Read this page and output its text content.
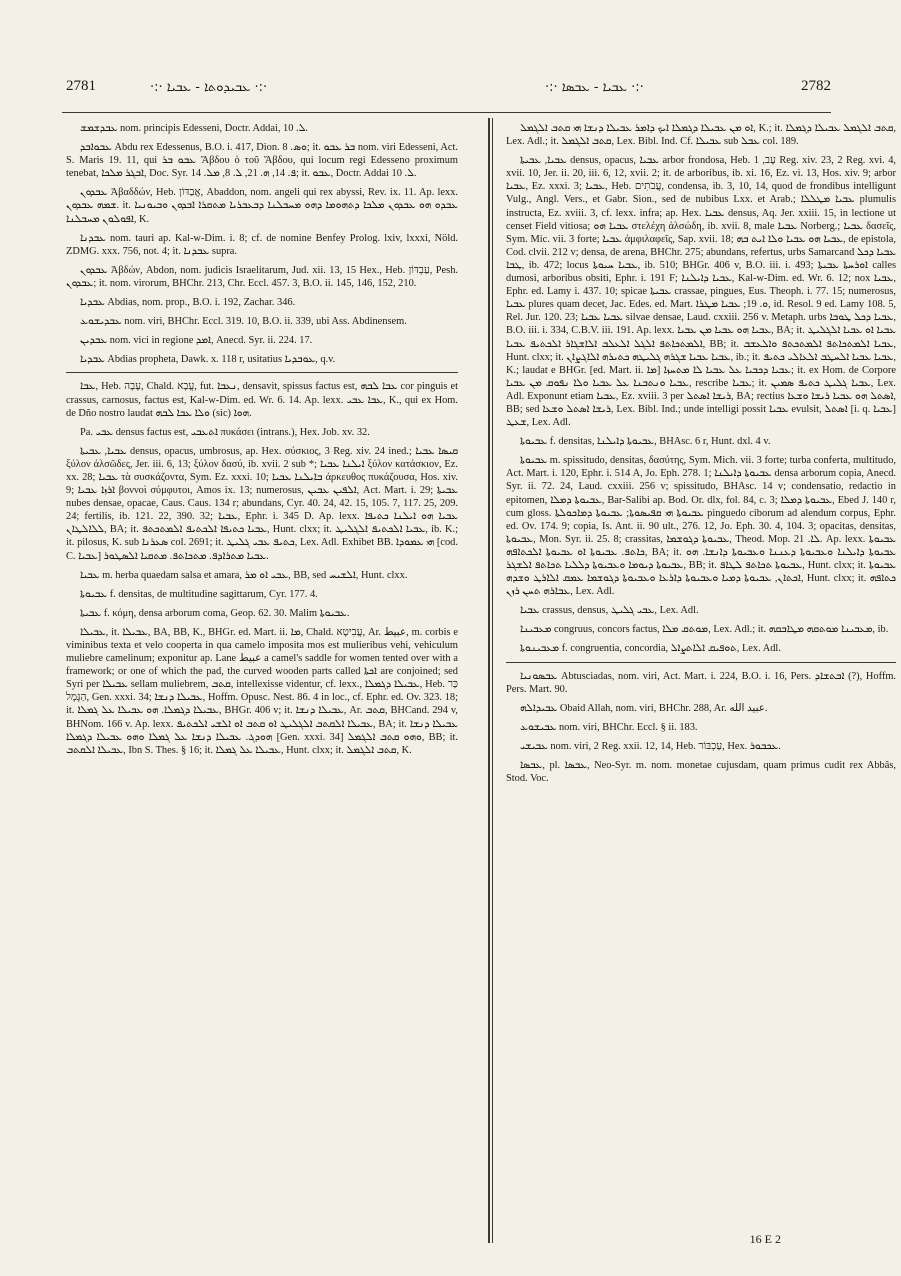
2781	·:· ܥܒܝܕܘܬܐ - ܥܒܝܐ ·:·	·:· ܥܒܝܐ - ܥܒܣܐ ·:·	2782

ܥܒܕܫܡܫ nom. principis Edesseni, Doctr. Addai, ܠ. 10.

ܥܒܘܐܒܕ Abdu rex Edessenus, B.O. i. 417, Dion. ܘܣ. 8; it. ܒܪ ܥܒܘ nom. viri Edesseni, Act. S. Maris 19. 11, qui ܥܒܘ ܒܪ Ἄβδου ὁ τοῦ Ἄβδου, qui locum regi Edesseno proximum tenebat, ܐܒܓܪ ܡܠܟܐ, Doc. Syr. ܦ. 14, ܗ. 21, ܠ. 8, ܡܠ. 14; it. ܥܒܘ, Doctr. Addai ܠ. 10.

ܥܒܕܘܢ Ἀβαδδών, Heb. אֲבַדּוֹן, Abaddon, nom. angeli qui rex abyssi, Rev. ix. 11. Ap. lexx. ܫܡܗ ܥܒܕܘܢ. it. ܥܒܕܘ ܗܘ ܥܒܕܘܢ ܡܠܟܐ ܕܬܗܘܡܐ ܕܗܘ ܡܚܒܠܢܐ ܕܒܥܒܪܝܐ ܡܬܩܪܐ ܐܒܕܘܢ ܘܒܝܘܢܝܐ ܐܦܘܠܘܢ ܡܚܒܠܢܐ, K.

ܥܒܕܢܐ nom. tauri ap. Kal-w-Dim. i. 8; cf. de nomine Benfey Prolog. lxiv, lxxxi, Nöld. ZDMG. xxx. 756, not. 4; it. ܥܒܕܢܐ supra.

ܥܒܕܘܢ Ἀβδών, Abdon, nom. judicis Israelitarum, Jud. xii. 13, 15 Hex., Heb. עַבְדּוֹן, Pesh. ܥܒܕܘܢ; it. nom. virorum, BHChr. 213, Chr. Eccl. 457. 3, B.O. ii. 145, 146, 152, 210.

ܥܒܕܝܐ Abdias, nom. prop., B.O. i. 192, Zachar. 346.

ܥܒܕܝܫܘܥ nom. viri, BHChr. Eccl. 319. 10, B.O. ii. 339, ubi Ass. Abdinensem.

ܥܒܕܝܢ nom. vici in regione ܐܡܕ, Anecd. Syr. ii. 224. 17.

ܥܒܕܝܐ Abdias propheta, Dawk. x. 118 r, usitatius ܥܘܒܕܝܐ, q.v.

ܥܒܐ, Heb. עָבָה, Chald. עֲבָא, fut. ܢܥܒܐ, densavit, spissus factus est, ܥܒܐ ܠܒܗ cor pinguis et crassus, carnosus, factus est, Kal-w-Dim. ed. Wr. 6. 14. Ap. lexx. ܥܒܐ ܥܒܝ, K., qui ex Hom. de Dño nostro laudat ܘܠܐ ܥܒܐ ܠܒܗ (sic) ܗܘܐ.

Pa. ܥܒܝ densus factus est, ܐܬܥܒܝ πυκάσει (intrans.), Hex. Job. xv. 32.

ܥܒܝܐ, ܥܒܝܬܐ densus, opacus, umbrosus, ap. Hex. σύσκιος, 3 Reg. xiv. 24 ined.; ܩܝܣܐ ܥܒܝܐ ξύλον ἀλσῶδες, Jer. iii. 6, 13; ξύλον δασύ, ib. xvii. 2 sub *; ܐܝܠܢܐ ܥܒܝܐ ξύλον κατάσκιον, Ez. xx. 28; ܥܒܝܐ τὰ συσκάζοντα, Sym. Ez. xxxi. 10; ܒܐܝܠܢܐ ܥܒܝܐ ἀρκευθος πυκάζουσα, Hos. xiv. 9; ܐܪܙܐ ܥܒܝܐ βοννοὶ σύμφυτοι, Amos ix. 13; numerosus, ܐܠܦܝܢ ܥܒܝܢ, Act. Mart. i. 29; ܥܒܝܬܐ nubes densae, opacae, Caus. Caus. 134 r; abundans, Cyr. 40. 24, 42. 15, 105. 7, 117. 25, 209. 24; fertilis, ib. 121. 22, 390. 32; ܥܒܝܐ, Ephr. i. 345 D. Ap. lexx. ܥܒܝܐ ܗܘ ܐܝܠܢܐ ܟܬܝܦܐ ܠܠܐܠܛܐܢ, BA; it. ܥܒܝܐ ܟܬܝܦܐ ܐܠܟܬܝܦ ܐܠܡܬܟܬܦ, Hunt. clxx; it. ܥܒܝܐ ܐܠܟܬܝܦ ܐܠܓܠܝܛ, ib. K.; it. pilosus, K. sub ܣܥܪܢܐ col. 2691; it. ܟܬܝܦ ܥܒܝ ܓܠܝܛ, Lex. Adl. Exhibet BB. ܗܝ ܥܡܘܕܐ [cod. C. ܥܒܝܐ] ܥܒܝܐ ܡܬܪܐܕܦ. ܡܬܟܐܬܦ. ܡܬܩܝܐ ܐܠܣܛܘܪ.

ܥܒܝܐ m. herba quaedam salsa et amara, ܥܒܝ ܐܘ ܡܪ, BB, sed ܐܠܫܝܚ, Hunt. clxx.

ܥܒܝܘܬܐ f. densitas, de multitudine sagittarum, Cyr. 177. 4.

ܥܒܝܬܐ f. κόμη, densa arborum coma, Geop. 62. 30. Malim ܥܒܝܘܬܐ.

ܥܒܝܠܐ, it. ܥܒܝܠܐ, BA, BB, K., BHGr. ed. Mart. ii. ܡܐ, Chald. עֲבִיטָא, Ar. عبيط, m. corbis e viminibus texta et velo cooperta in qua camelo imposita mos est mulieribus vehi, vehiculum muliebre camelinum; exponitur ap. Lane عبيط a camel's saddle for women tented over with a framework; or one of which the pad, the curved wooden parts called ܐܟܬܐ are conjoined; sed Syri per ܥܒܝܠܐ sellam muliebrem, ܩܬܒ, intellexisse videntur, cf. lexx., ܥܒܝܠܐ ܕܓܡܠܐ, Heb. כַּר הַגָּמָל, Gen. xxxi. 34; ܥܒܝܠܐ ܕܢܫܐ, Hoffm. Opusc. Nest. 86. 4 in loc., cf. Ephr. ed. Ov. 323. 18; it. ܥܒܝܠܐ ܕܓܡܠܐ. ܗܘ ܥܒܝܠܐ ܥܠ ܓܡܠܐ, BHGr. 406 v; it. ܥܒܝܠܐ ܕܢܫܐ, Ar. ܩܬܒ, BHCand. 294 v, BHNom. 166 v. Ap. lexx. ܥܒܝܠܐ ܐܠܩܬܒ ܐܠܓܠܝܛ ܐܘ ܩܬܒ ܐܘ ܐܠܫܝ ܐܠܟܬܝܦ, BA; it. ܥܒܝܠܐ ܕܢܫܐ ܗܘܕܓ. ܥܒܝܠܐ ܕܢܫܐ ܥܠ ܓܡܠܐ ܘܗܘ ܥܒܝܠܐ ܕܓܡܠܐ [Gen. xxxi. 34] ܘܗܘ ܩܬܒ ܐܠܓܡܠ, BB; it. ܥܒܝܠܐ ܐܠܩܬܒ, Ibn S. Thes. § 16; it. ܥܒܝܠܐ ܥܠ ܓܡܠܐ, Hunt. clxx; it. ܩܬܒ ܐܠܓܡܠ, K.

ܐܘ ܡܢ ܥܒܝܠܐ ܕܓܡܠܐ ܐܝܟ ܕܐܡܪ ܥܒܝܠܐ ܕܢܫܐ ܗܝ ܩܬܒ ܐܠܓܡܠ, K.; it. ܩܬܒ ܐܠܓܡܠ ܥܒܝܠܐ ܕܓܡܠܐ, Lex. Adl.; it. ܩܬܒ ܐܠܓܡܠ, Lex. Bibl. Ind. Cf. ܥܒܝܠܐ sub ܥܒܠ col. 189.

ܥܒܝܐ, ܥܒܝܬܐ densus, opacus, ܥܒܝܐ arbor frondosa, Heb. עָב, 1 Reg. xiv. 23, 2 Reg. xvi. 4, xvii. 10, Jer. ii. 20, iii. 6, 12, xvii. 2; it. de arboribus, ib. xi. 16, Ez. vi. 13, Hos. xiv. 9; arbor ܥܒܝܐ, Ez. xxxi. 3; ܥܒܝܐ, Heb. עֲבֹתִים, condensa, ib. 3, 10, 14, quod de frondibus intelligunt Vulg., Angl. Vers., et Gabr. Sion., sed de nubibus Lxx. et Arab.; ܥܒܝܐ ܡܛܠܠܐ plumulis instructa, Ez. xviii. 3, cf. lexx. infra; ap. Hex. ܥܒܝܐ densus, Aq. Jer. xxiii. 15, in lectione ut censet Field vitiosa; ܥܒܝܐ ܗܘ στελέχη ἀλσώδη, ib. xvii. 8, male ܥܒܝܐ Norberg.; ܥܒܝܐ δασεῖς, Sym. Mic. vii. 3 forte; ܥܒܝܐ ἀμφιλαφεῖς, Sap. xvii. 18; ܥܒܝܐ ܗܘ ܥܒܝܐ ܘܠܐ ܐܝܬ ܒܗ, de epistola, Cod. clvii. 212 v; densa, de arena, BHChr. 275; abundans, refertus, urbs Samarcand ܥܒܝܐ ܕܟܠ ܛܒܐ, ib. 472; locus ܥܒܝܐ ܚܝܘܬܐ, ib. 510; BHGr. 406 v, B.O. iii. i. 493; ܐܘܪܚܬܐ ܥܒܝܬܐ calles dumosi, arboribus obsiti, Ephr. i. 191 F; ܥܒܝܐ ܕܐܝܠܢܐ, Kal-w-Dim. ed. Wr. 6. 12; nox ܥܒܝܐ, Ephr. ed. Lamy i. 437. 10; spicae ܥܒܝܬܐ crassae, pingues, Eus. Theoph. i. 77. 15; numerosus, ܥܒܝܐ plures quam decet, Jac. Edes. ed. Mart. ܘ. 19; ܥܒܝܐ ܡܛܪܐ, id. Resol. 9 ed. Lamy 108. 5, Rel. Jur. 120. 23; ܥܒܝܐ ܥܒܝܐ silvae densae, Laud. cxxiii. 256 v. Metaph. urbs ܥܒܝܐ ܕܟܠ ܛܘܒܐ, B.O. iii. i. 334, C.B.V. iii. 191. Ap. lexx. ܥܒܝܐ ܗܘ ܥܒܝܐ ܡܢ ܥܒܝܐ, BA; it. ܥܒܝܐ ܐܘ ܥܒܝܐ ܐܠܓܠܝܛ ܐܠܡܬܟܐܬܦ ܐܠܓܠ ܐܠܥܠܒ ܐܠܐܫܓܐܪ ܐܠܟܬܝܦ ܥܒܝܐ, BB; it. ܥܒܝܐ ܐܠܡܬܟܐܬܦ ܐܠܡܬܟܬܦ ܘܐܠܥܫܒ, Hunt. clxx; it. ܥܒܝܐ ܥܒܝܐ ܫܓܪܗ ܓܠܝܛܗ ܟܬܝܪܗ ܐܠܐܓܨܐܢ, ib.; it. ܥܒܝܐ ܥܒܝܐ ܐܠܚܛܒ ܐܠܥܐܠܝ ܟܬܝܦ, K.; laudat e BHGr. [ed. Mart. ii. ܡܐ] ܥܒܝܐ ܕܟܒܝܐ ܥܠ ܥܒܝܐ ܠܐ ܡܬܚܙܐ; it. ex Hom. de Corpore ܥܒܝܐ ܘܢܬܒܢܐ ܥܠ ܥܒܝܐ ܘܠܐ ܢܦܘܩ ܡܢ ܥܒܝܐ, rescribe ܥܒܝܐ; it. ܥܒܝܐ ܓܠܝܛ ܟܬܝܦ ܣܡܝܢ, Lex. Adl. Exponunt etiam ܥܒܝܐ, Ez. xviii. 3 per ܪܝܫܐ ܐܣܬܠ, BA; rectius ܐܣܬܠ ܗܘ ܥܒܝܐ ܪܝܫܐ ܘܫܥܐ, BB; sed ܪܝܫܐ ܐܣܬܠ ܘܫܥܐ, Lex. Bibl. Ind.; unde intelligi possit ܥܒܝܐ evulsit, ܐܣܬܠ [i. q. ܥܒܝܐ] ܫܥܛ, Lex. Adl.

ܥܒܝܘܬܐ f. densitas, ܥܒܝܘܬܐ ܕܐܝܠܢܐ, BHAsc. 6 r, Hunt. dxl. 4 v.

ܥܒܝܘܬܐ m. spissitudo, densitas, δασύτης, Sym. Mich. vii. 3 forte; turba conferta, multitudo, Act. Mart. i. 120, Ephr. i. 514 A, Jo. Eph. 278. 1; ܥܒܝܘܬܐ ܕܐܝܠܢܐ densa arborum copia, Anecd. Syr. ii. 72. 24, Laud. cxxiii. 256 v; spissitudo, BHAsc. 14 v; condensatio, redactio in epitomen, ܥܒܝܘܬܐ ܕܡܠܐ, Bar-Salibi ap. Bod. Or. dlx, fol. 84, c. 3; ܥܒܝܘܬܐ ܕܡܠܐ, Ebed J. 140 r, cum gloss. ܥܒܝܘܬܐ ܗܝ ܩܦܝܣܘܬܐ; ܥܒܝܘܬܐ ܕܡܐܟܘܠܬܐ pinguedo ciborum ad alendum corpus, Ephr. ed. Ov. 174. 9; copia, Is. Ant. ii. 90 ult., 276. 12, Jo. Eph. 30. 4, 104. 3; opacitas, densitas, ܥܒܝܘܬܐ, Mon. Syr. ii. 25. 8; crassitas, ܥܒܝܘܬܐ ܕܓܘܫܡܐ, Theod. Mop. ܠܐ. 21. Ap. lexx. ܥܒܝܘܬܐ ܟܐܬܦ. ܥܒܝܘܬܐ ܐܘ ܥܒܝܘܬܐ ܐܠܟܬܐܦܗ, BA; it. ܥܒܝܘܬܐ ܕܐܝܠܢܐ ܘܥܒܝܘܬܐ ܕܥܢܢܐ ܘܥܒܝܘܬܐ ܕܐܢܫܐ. ܗܘ ܥܒܝܘܬܐ ܕܝܘܡܐ ܘܥܒܝܘܬܐ ܕܠܠܝܐ ܬܟܐܬܦ ܐܠܫܓܪ, BB; it. ܥܒܝܘܬܐ ܬܟܐܬܦ ܠܛܐܦ, Hunt. clxx; it. ܥܒܝܘܬܐ ܐܟܬܐܢ, ܥܒܝܘܬܐ ܕܡܝܐ ܘܥܒܝܘܬܐ ܕܐܪܥܐ ܘܥܒܝܘܬܐ ܕܓܘܫܡܐ ܥܡܩ ܐܠܐܪܛ ܘܫܕܗ, Hunt. clxx; it. ܟܬܐܦܗ ܥܒܐܪܗ ܬܚܢ ܪܙܢ, Lex. Adl.

ܥܒܝܐ crassus, densus, ܥܒܝ ܓܠܝܛ, Lex. Adl.

ܡܥܒܝܢܐ congruus, concors factus, ܡܘܬܩ ܡܠܐ, Lex. Adl.; it. ܡܥܒܝܢܐ ܡܘܬܩܗ ܡܛܐܒܩܗ, ib.

ܡܥܒܝܢܘܬܐ f. congruentia, concordia, ܬܘܦܝܩ ܐܠܐܬܨܐܠ, Lex. Adl.

ܥܒܣܘܢܝܐ Abtusciadas, nom. viri, Act. Mart. i. 224, B.O. i. 16, Pers. ܐܒܬܫܐܕ (?), Hoffm. Pers. Mart. 90.

ܥܒܝܕܐܠܗ Obaid Allah, nom. viri, BHChr. 288, Ar. عبيد الله.

ܥܒܝܫܘܥ nom. viri, BHChr. Eccl. § ii. 183.

ܥܒܝܫܝ nom. viri, 2 Reg. xxii. 12, 14, Heb. עַכְבּוֹר, Hex. ܥܟܒܘܪ.

ܥܒܣܐ, pl. ܥܒܣܐ, Neo-Syr. m. nom. monetae cujusdam, quam primus cudit rex Abbâs, Stod. Voc.

16 E 2
